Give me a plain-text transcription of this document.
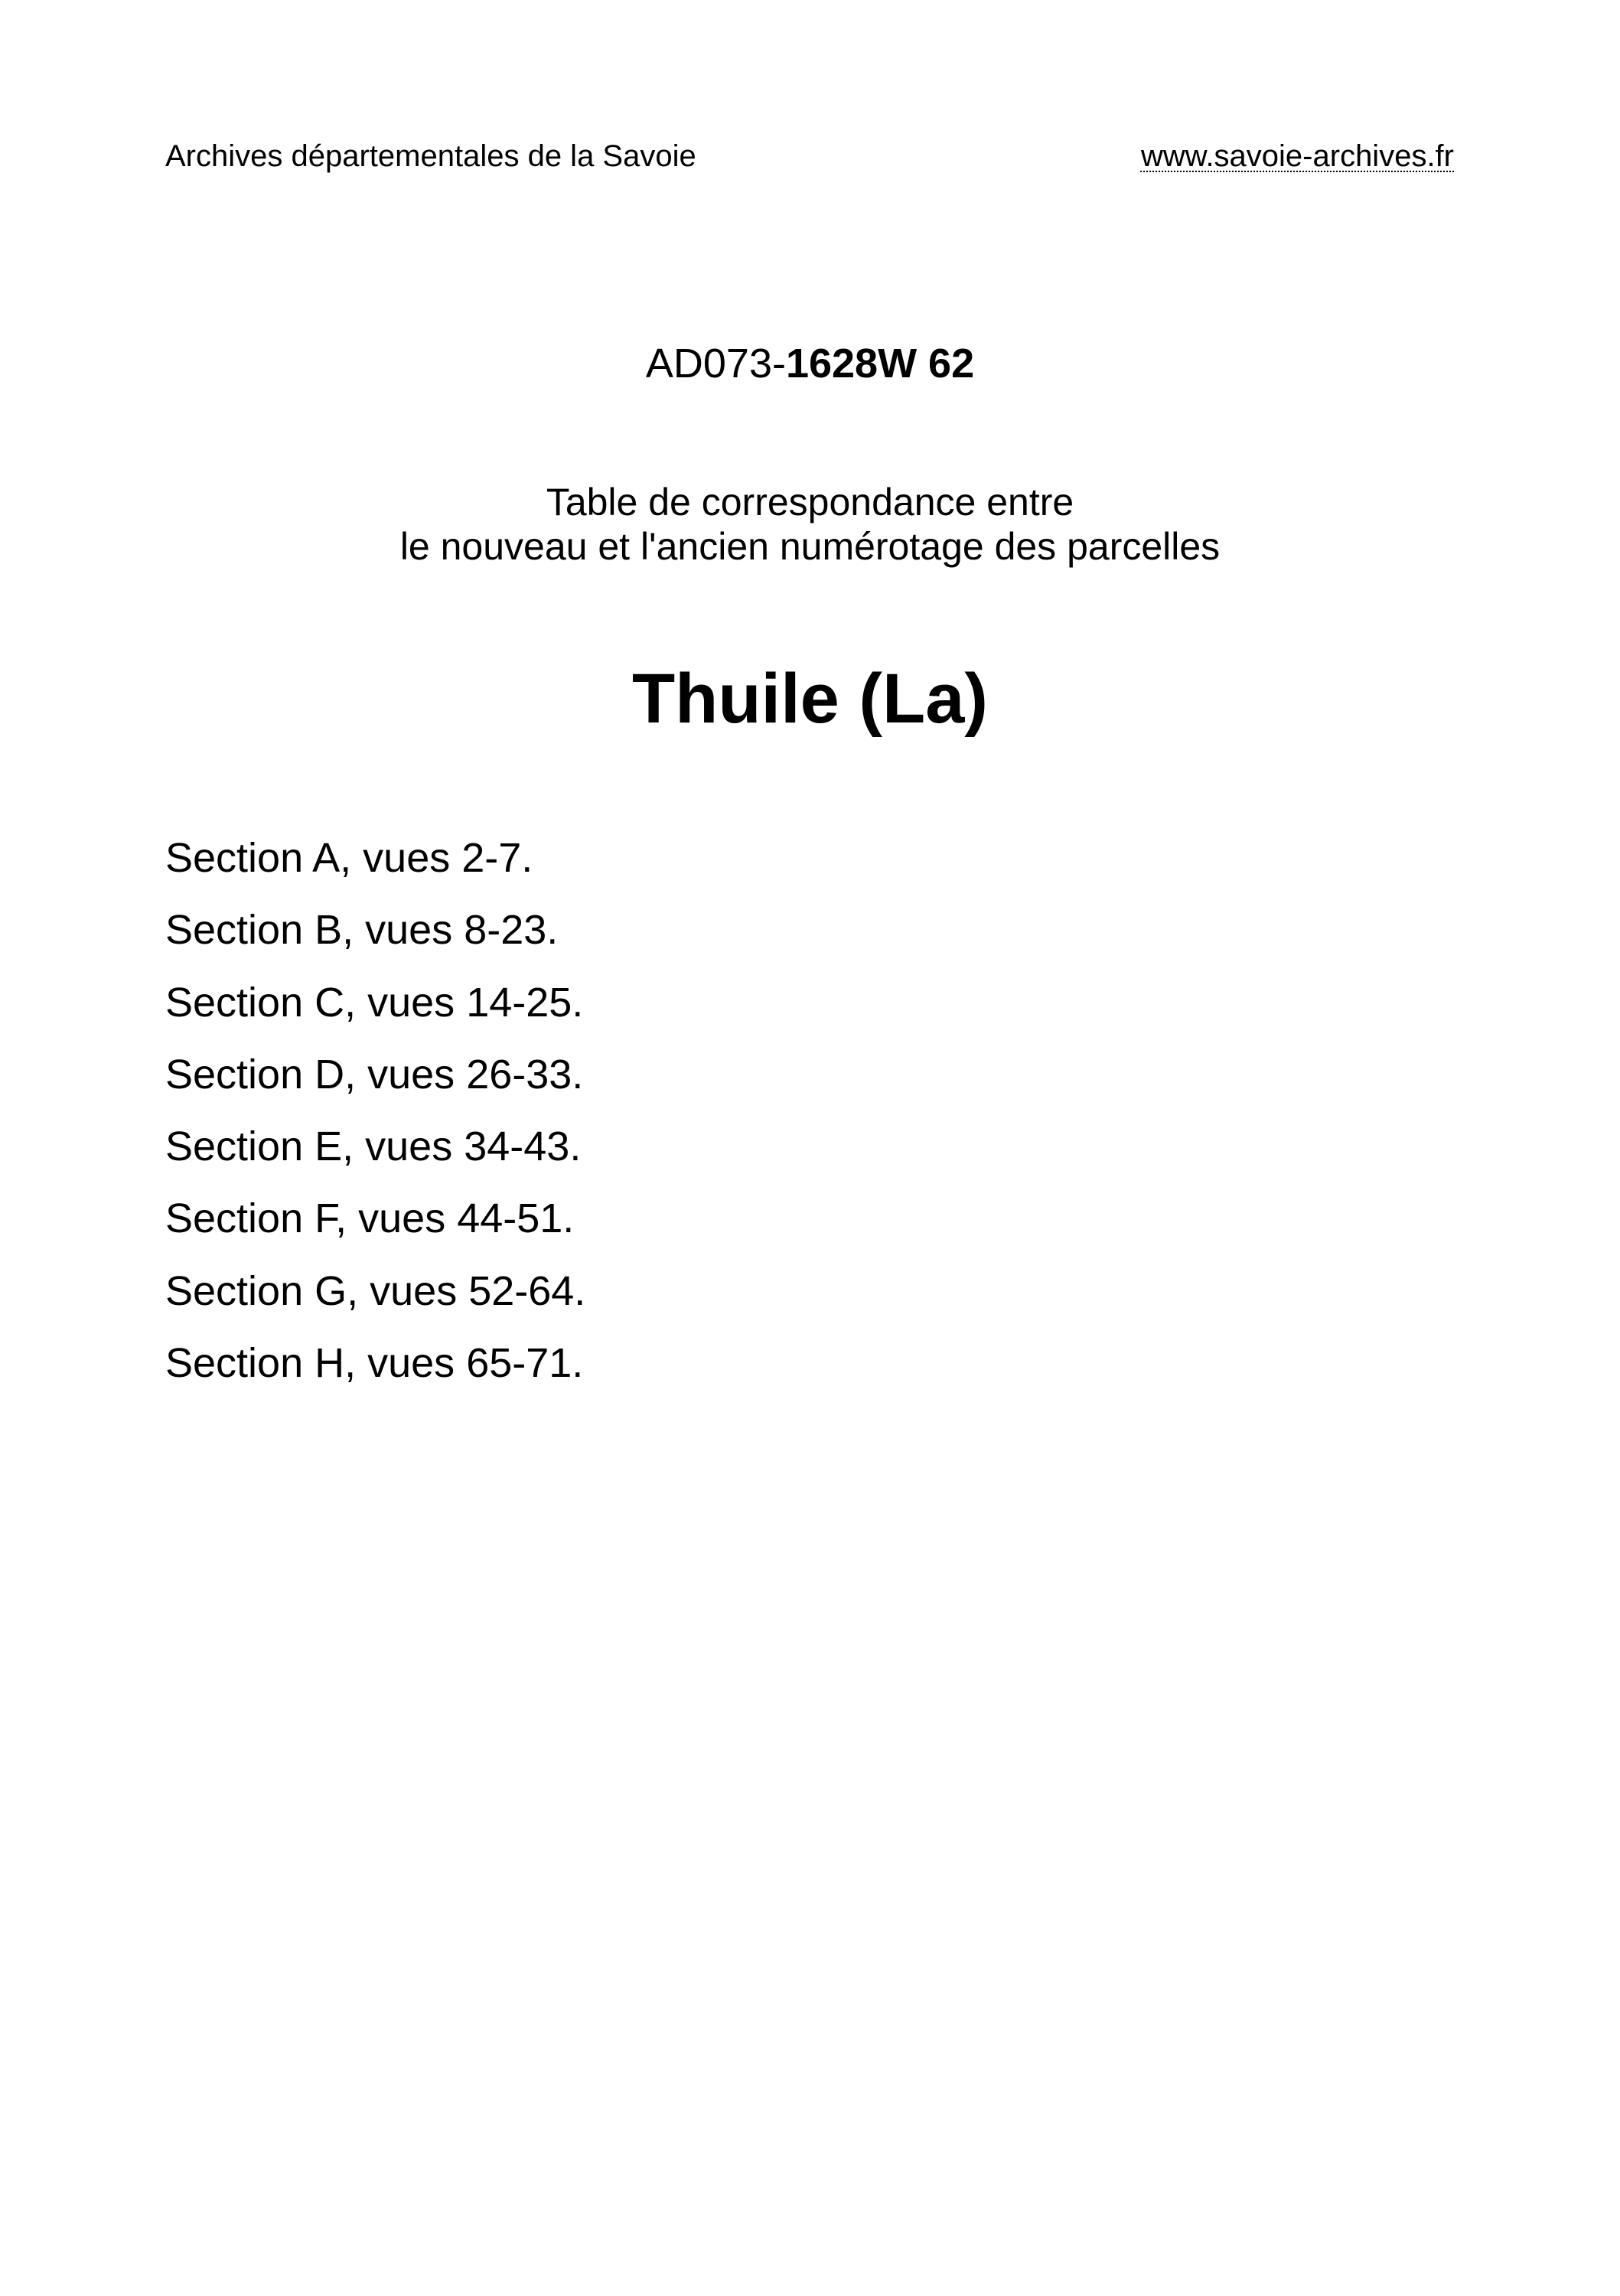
Archives départementales de la Savoie	www.savoie-archives.fr
AD073-1628W 62
Table de correspondance entre
le nouveau et l'ancien numérotage des parcelles
Thuile (La)
Section A, vues 2-7.
Section B, vues 8-23.
Section C, vues 14-25.
Section D, vues 26-33.
Section E, vues 34-43.
Section F, vues 44-51.
Section G, vues 52-64.
Section H, vues 65-71.
